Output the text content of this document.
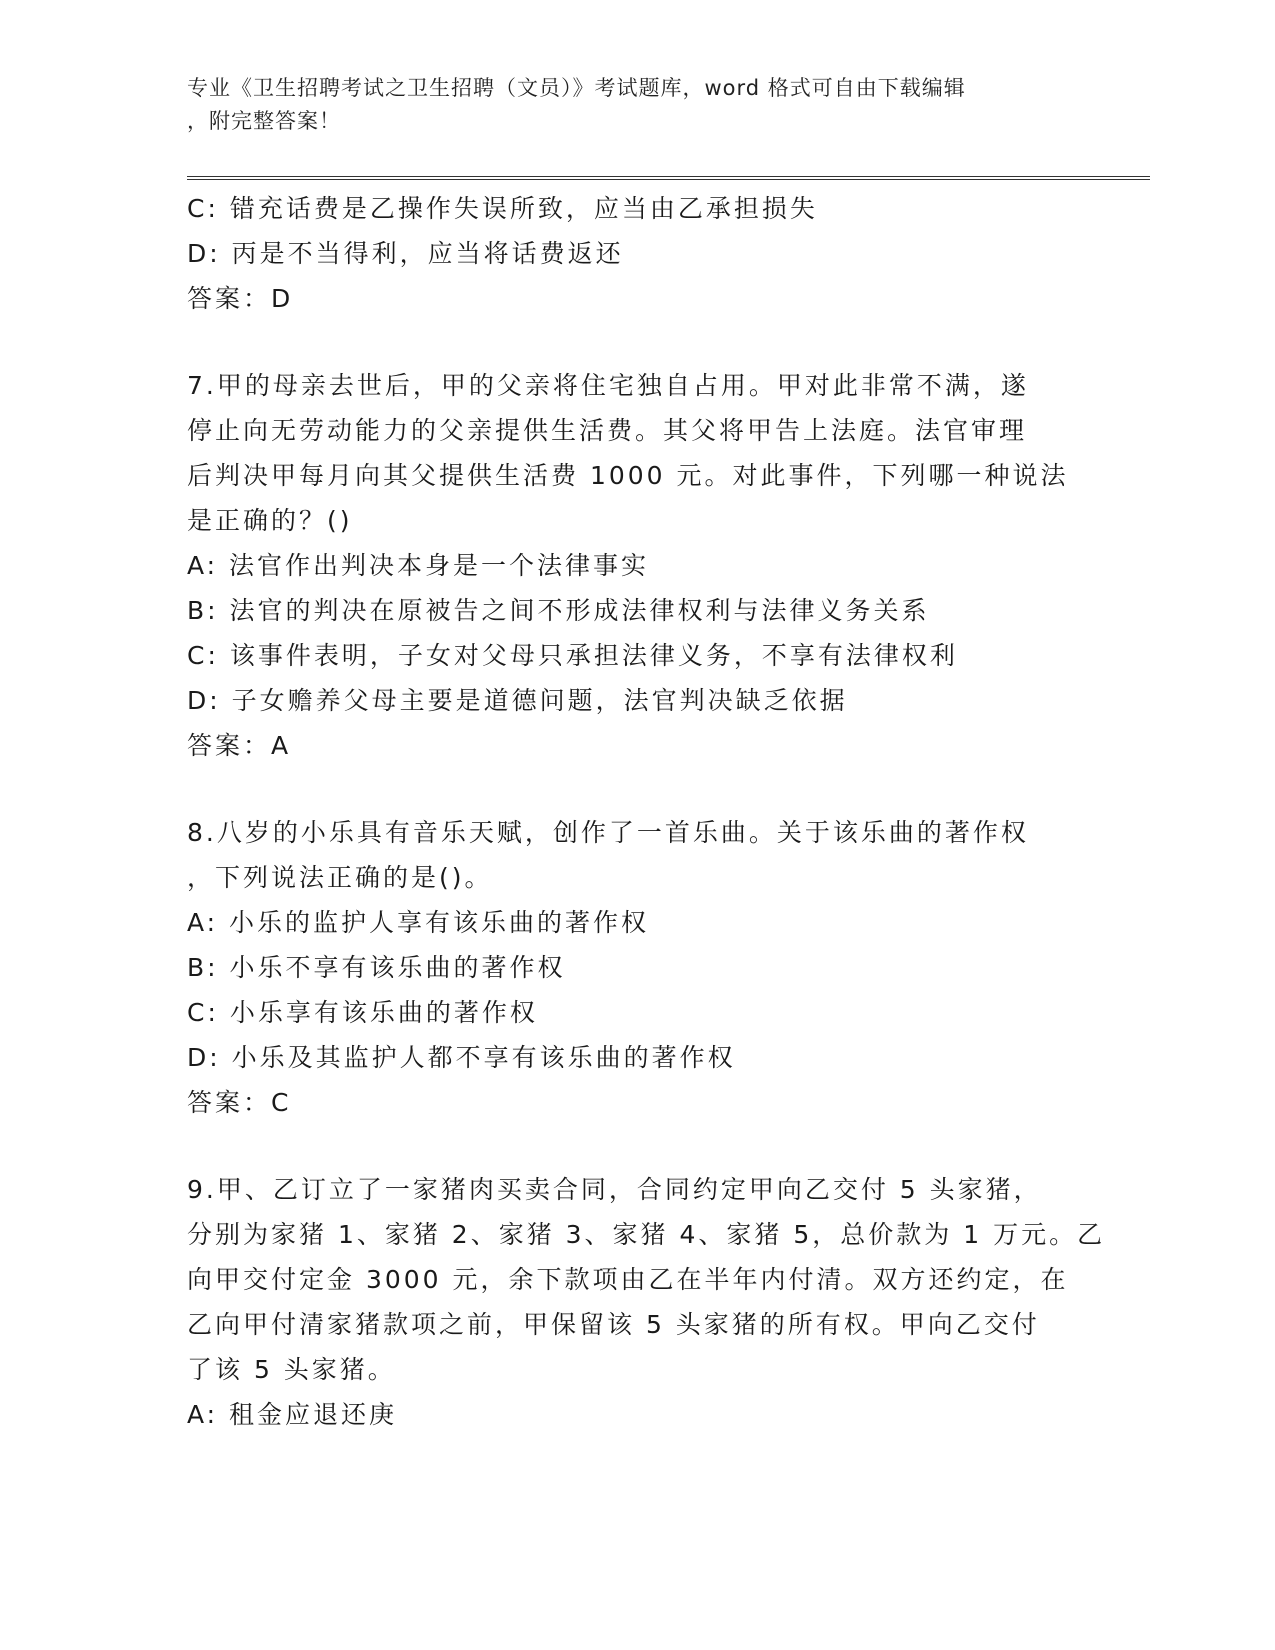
专业《卫生招聘考试之卫生招聘（文员）》考试题库，word 格式可自由下载编辑
，附完整答案！
C: 错充话费是乙操作失误所致，应当由乙承担损失
D: 丙是不当得利，应当将话费返还
答案：D
7.甲的母亲去世后，甲的父亲将住宅独自占用。甲对此非常不满，遂
停止向无劳动能力的父亲提供生活费。其父将甲告上法庭。法官审理
后判决甲每月向其父提供生活费 1000 元。对此事件，下列哪一种说法
是正确的？()
A: 法官作出判决本身是一个法律事实
B: 法官的判决在原被告之间不形成法律权利与法律义务关系
C: 该事件表明，子女对父母只承担法律义务，不享有法律权利
D: 子女赡养父母主要是道德问题，法官判决缺乏依据
答案：A
8.八岁的小乐具有音乐天赋，创作了一首乐曲。关于该乐曲的著作权
，下列说法正确的是()。
A: 小乐的监护人享有该乐曲的著作权
B: 小乐不享有该乐曲的著作权
C: 小乐享有该乐曲的著作权
D: 小乐及其监护人都不享有该乐曲的著作权
答案：C
9.甲、乙订立了一家猪肉买卖合同，合同约定甲向乙交付 5 头家猪，
分别为家猪 1、家猪 2、家猪 3、家猪 4、家猪 5，总价款为 1 万元。乙
向甲交付定金 3000 元，余下款项由乙在半年内付清。双方还约定，在
乙向甲付清家猪款项之前，甲保留该 5 头家猪的所有权。甲向乙交付
了该 5 头家猪。
A: 租金应退还庚
